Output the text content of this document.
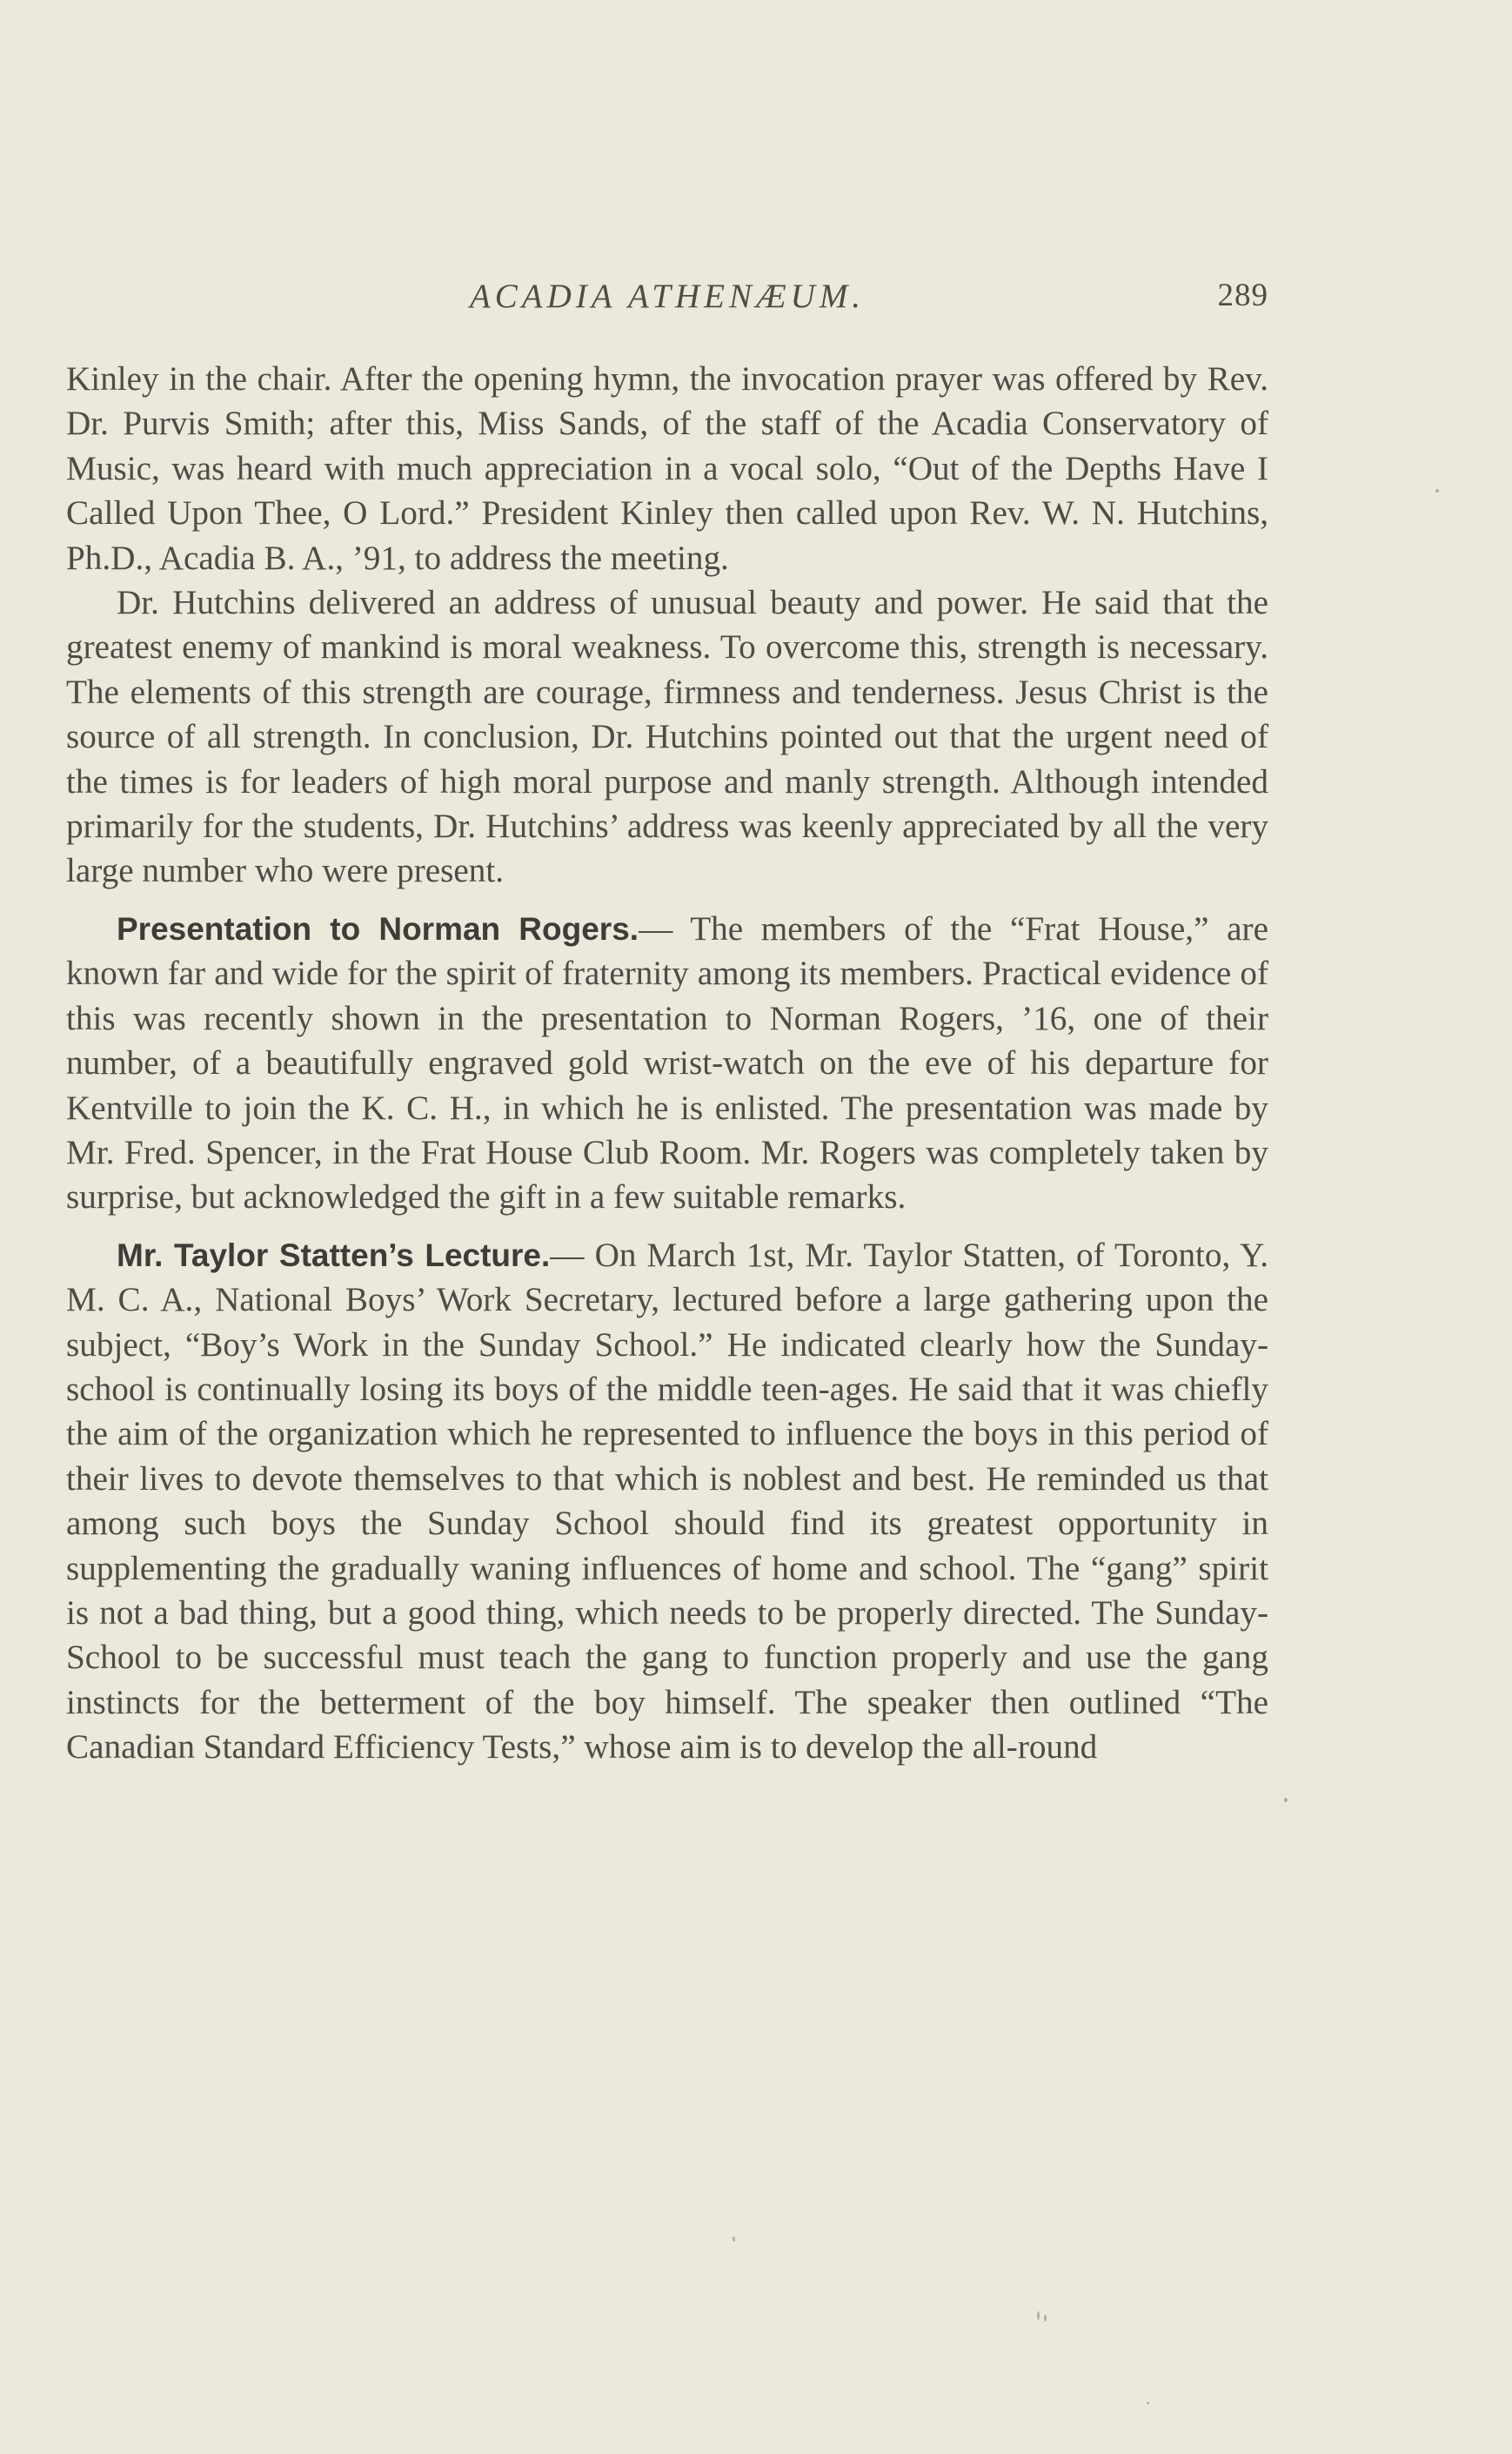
ACADIA ATHENÆUM.	289

Kinley in the chair. After the opening hymn, the invocation prayer was offered by Rev. Dr. Purvis Smith; after this, Miss Sands, of the staff of the Acadia Conservatory of Music, was heard with much appreciation in a vocal solo, “Out of the Depths Have I Called Upon Thee, O Lord.” President Kinley then called upon Rev. W. N. Hutchins, Ph.D., Acadia B. A., ’91, to address the meeting.

Dr. Hutchins delivered an address of unusual beauty and power. He said that the greatest enemy of mankind is moral weakness. To overcome this, strength is necessary. The elements of this strength are courage, firmness and tenderness. Jesus Christ is the source of all strength. In conclusion, Dr. Hutchins pointed out that the urgent need of the times is for leaders of high moral purpose and manly strength. Although intended primarily for the students, Dr. Hutchins’ address was keenly appreciated by all the very large number who were present.

Presentation to Norman Rogers.— The members of the “Frat House,” are known far and wide for the spirit of fraternity among its members. Practical evidence of this was recently shown in the presentation to Norman Rogers, ’16, one of their number, of a beautifully engraved gold wrist-watch on the eve of his departure for Kentville to join the K. C. H., in which he is enlisted. The presentation was made by Mr. Fred. Spencer, in the Frat House Club Room. Mr. Rogers was completely taken by surprise, but acknowledged the gift in a few suitable remarks.

Mr. Taylor Statten’s Lecture.— On March 1st, Mr. Taylor Statten, of Toronto, Y. M. C. A., National Boys’ Work Secretary, lectured before a large gathering upon the subject, “Boy’s Work in the Sunday School.” He indicated clearly how the Sunday-school is continually losing its boys of the middle teen-ages. He said that it was chiefly the aim of the organization which he represented to influence the boys in this period of their lives to devote themselves to that which is noblest and best. He reminded us that among such boys the Sunday School should find its greatest opportunity in supplementing the gradually waning influences of home and school. The “gang” spirit is not a bad thing, but a good thing, which needs to be properly directed. The Sunday-School to be successful must teach the gang to function properly and use the gang instincts for the betterment of the boy himself. The speaker then outlined “The Canadian Standard Efficiency Tests,” whose aim is to develop the all-round
